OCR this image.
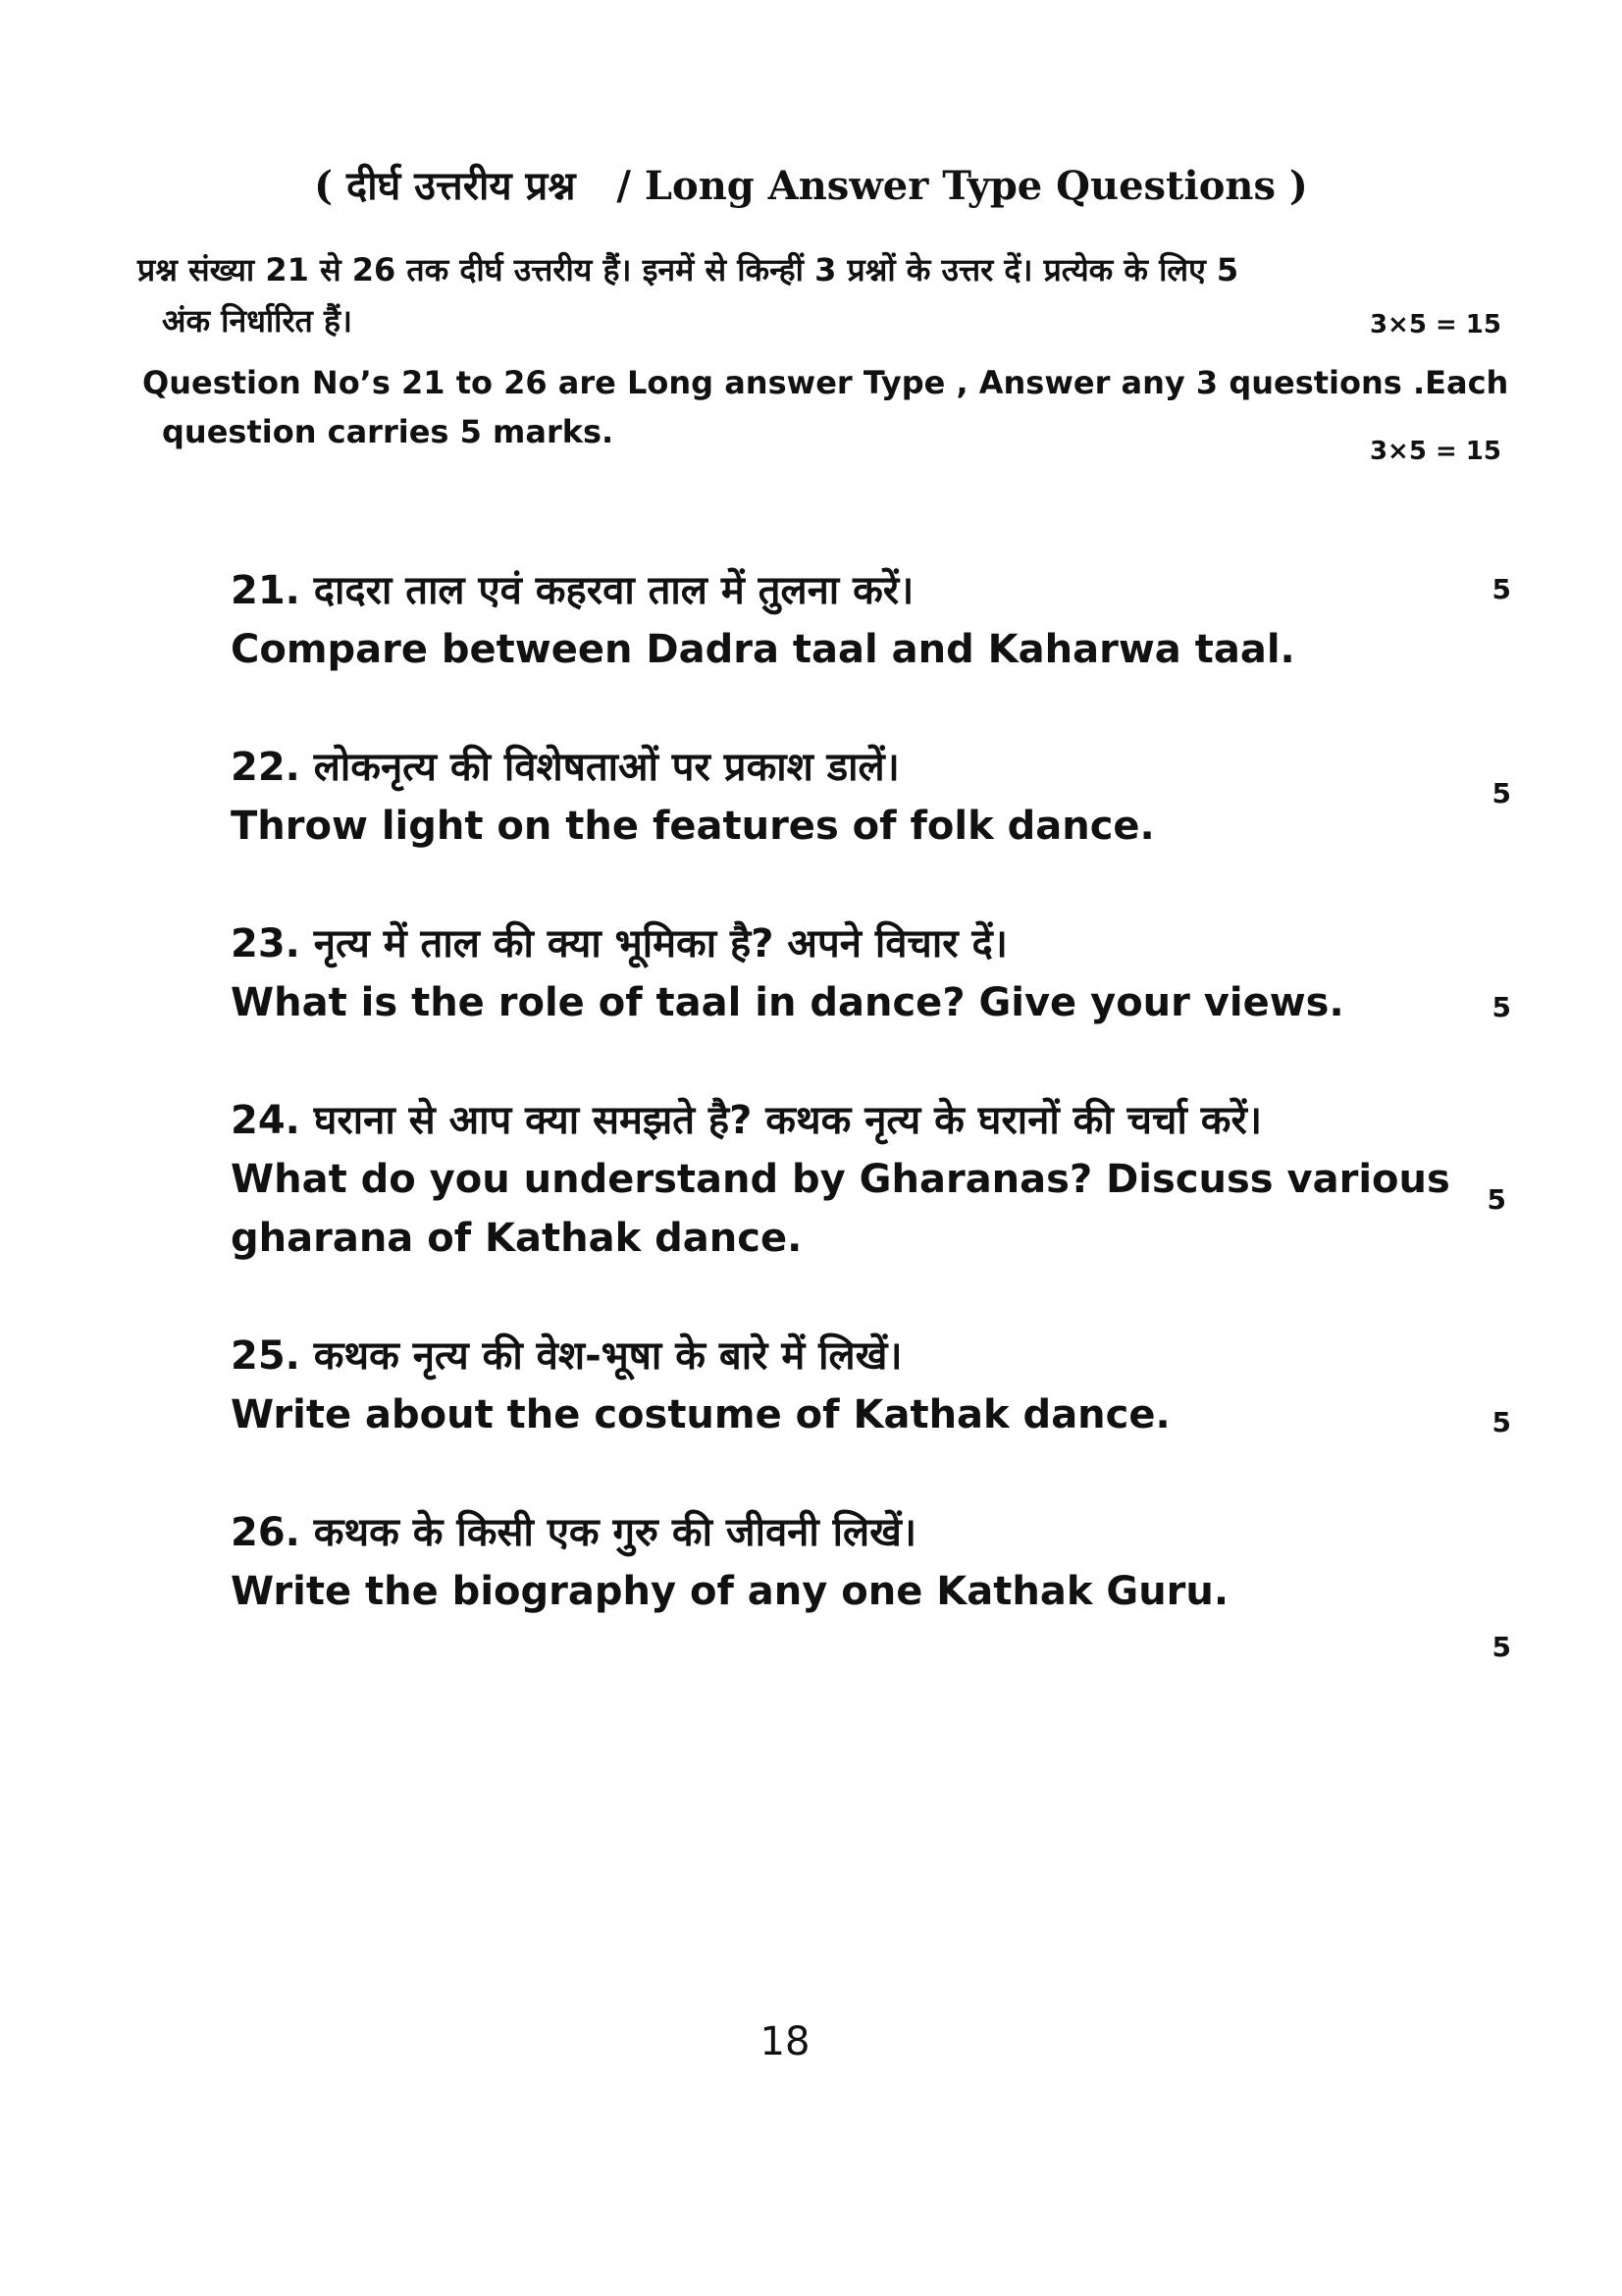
( दीर्घ उत्तरीय प्रश्न   / Long Answer Type Questions )
प्रश्न संख्या 21 से 26 तक दीर्घ उत्तरीय हैं। इनमें से किन्हीं 3 प्रश्नों के उत्तर दें। प्रत्येक के लिए 5
अंक निर्धारित हैं।	3×5 = 15
Question No’s 21 to 26 are Long answer Type , Answer any 3 questions .Each
question carries 5 marks.
3×5 = 15
21. दादरा ताल एवं कहरवा ताल में तुलना करें।
Compare between Dadra taal and Kaharwa taal.
5
22. लोकनृत्य की विशेषताओं पर प्रकाश डालें।
Throw light on the features of folk dance.
5
23. नृत्य में ताल की क्या भूमिका है? अपने विचार दें।
What is the role of taal in dance? Give your views.	5
24. घराना से आप क्या समझते है? कथक नृत्य के घरानों की चर्चा करें।
What do you understand by Gharanas? Discuss various
gharana of Kathak dance.
5
25. कथक नृत्य की वेश-भूषा के बारे में लिखें।
Write about the costume of Kathak dance.	5
26. कथक के किसी एक गुरु की जीवनी लिखें।
Write the biography of any one Kathak Guru.
5
18
